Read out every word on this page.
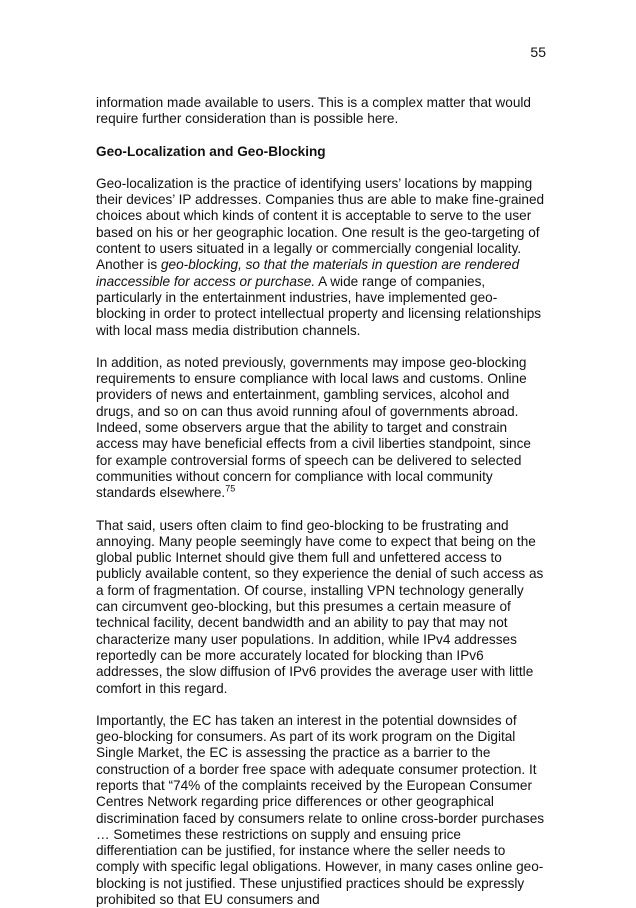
55

information made available to users. This is a complex matter that would require further consideration than is possible here.

Geo-Localization and Geo-Blocking

Geo-localization is the practice of identifying users’ locations by mapping their devices’ IP addresses. Companies thus are able to make fine-grained choices about which kinds of content it is acceptable to serve to the user based on his or her geographic location. One result is the geo-targeting of content to users situated in a legally or commercially congenial locality. Another is geo-blocking, so that the materials in question are rendered inaccessible for access or purchase. A wide range of companies, particularly in the entertainment industries, have implemented geo-blocking in order to protect intellectual property and licensing relationships with local mass media distribution channels.

In addition, as noted previously, governments may impose geo-blocking requirements to ensure compliance with local laws and customs. Online providers of news and entertainment, gambling services, alcohol and drugs, and so on can thus avoid running afoul of governments abroad. Indeed, some observers argue that the ability to target and constrain access may have beneficial effects from a civil liberties standpoint, since for example controversial forms of speech can be delivered to selected communities without concern for compliance with local community standards elsewhere.$^{75}$

That said, users often claim to find geo-blocking to be frustrating and annoying. Many people seemingly have come to expect that being on the global public Internet should give them full and unfettered access to publicly available content, so they experience the denial of such access as a form of fragmentation. Of course, installing VPN technology generally can circumvent geo-blocking, but this presumes a certain measure of technical facility, decent bandwidth and an ability to pay that may not characterize many user populations. In addition, while IPv4 addresses reportedly can be more accurately located for blocking than IPv6 addresses, the slow diffusion of IPv6 provides the average user with little comfort in this regard.

Importantly, the EC has taken an interest in the potential downsides of geo-blocking for consumers. As part of its work program on the Digital Single Market, the EC is assessing the practice as a barrier to the construction of a border free space with adequate consumer protection. It reports that “74% of the complaints received by the European Consumer Centres Network regarding price differences or other geographical discrimination faced by consumers relate to online cross-border purchases … Sometimes these restrictions on supply and ensuing price differentiation can be justified, for instance where the seller needs to comply with specific legal obligations. However, in many cases online geo-blocking is not justified. These unjustified practices should be expressly prohibited so that EU consumers and
